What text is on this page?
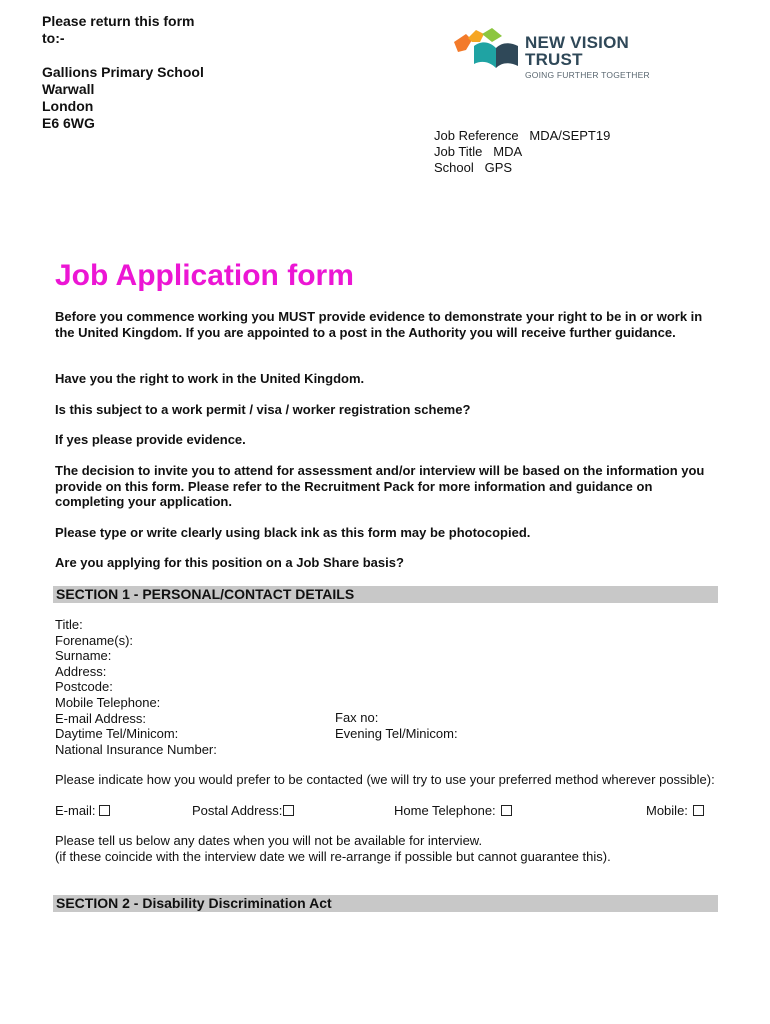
Please return this form
to:-
Gallions Primary School
Warwall
London
E6 6WG
NEW VISION
TRUST
GOING FURTHER TOGETHER
Job Reference MDA/SEPT19
Job Title MDA
School GPS
Job Application form
Before you commence working you MUST provide evidence to demonstrate your right to be in or work in the United Kingdom. If you are appointed to a post in the Authority you will receive further guidance.
Have you the right to work in the United Kingdom.
Is this subject to a work permit / visa / worker registration scheme?
If yes please provide evidence.
The decision to invite you to attend for assessment and/or interview will be based on the information you provide on this form. Please refer to the Recruitment Pack for more information and guidance on completing your application.
Please type or write clearly using black ink as this form may be photocopied.
Are you applying for this position on a Job Share basis?
SECTION 1 - PERSONAL/CONTACT DETAILS
Title:
Forename(s):
Surname:
Address:
Postcode:
Mobile Telephone:
E-mail Address:
Daytime Tel/Minicom:
National Insurance Number:
Fax no:
Evening Tel/Minicom:
Please indicate how you would prefer to be contacted (we will try to use your preferred method wherever possible):
E-mail:	Postal Address:	Home Telephone:	Mobile:
Please tell us below any dates when you will not be available for interview.
(if these coincide with the interview date we will re-arrange if possible but cannot guarantee this).
SECTION 2 - Disability Discrimination Act
